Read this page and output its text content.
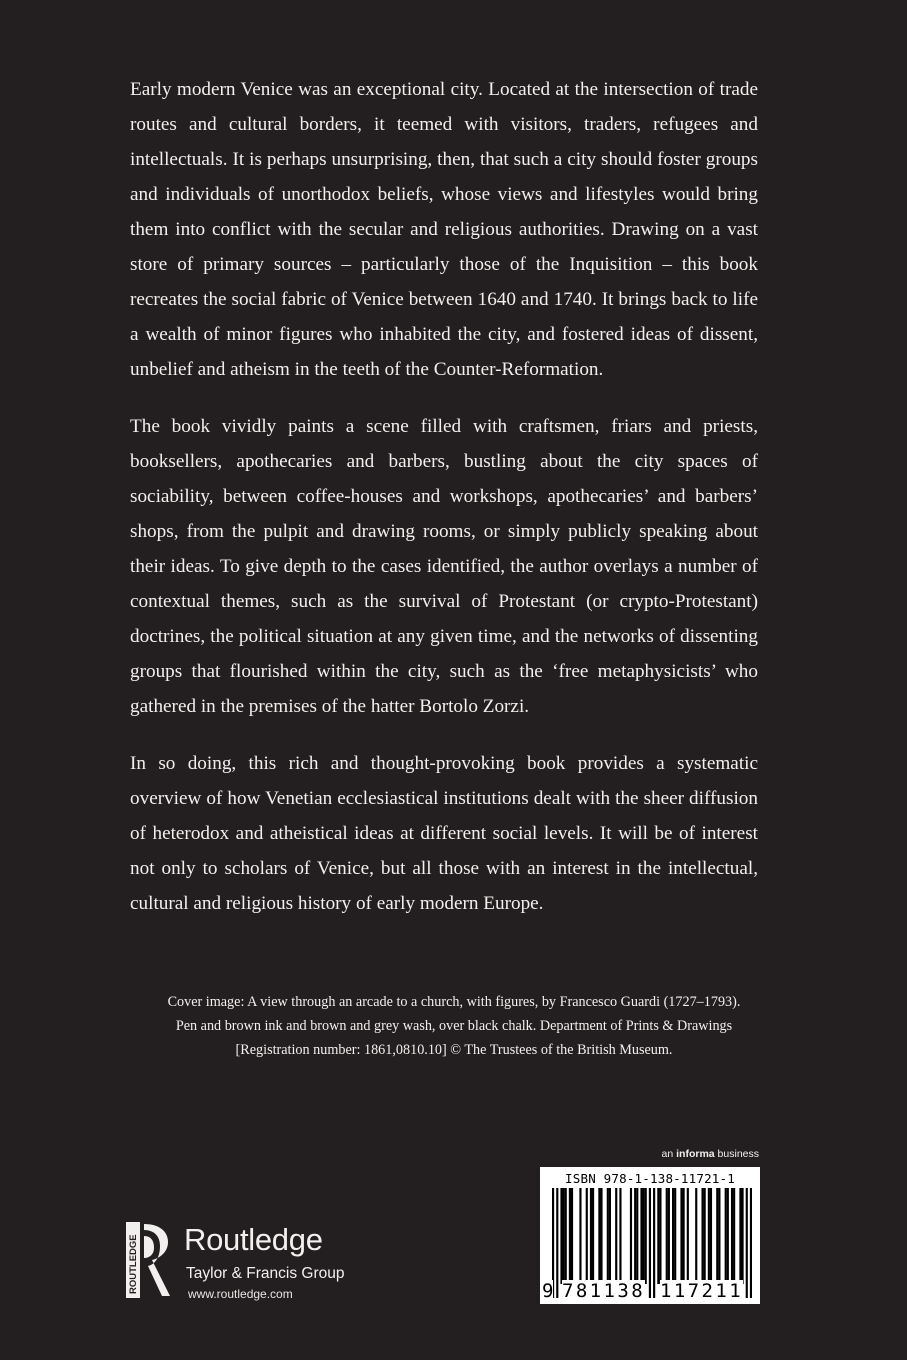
Early modern Venice was an exceptional city. Located at the intersection of trade routes and cultural borders, it teemed with visitors, traders, refugees and intellectuals. It is perhaps unsurprising, then, that such a city should foster groups and individuals of unorthodox beliefs, whose views and lifestyles would bring them into conflict with the secular and religious authorities. Drawing on a vast store of primary sources – particularly those of the Inquisition – this book recreates the social fabric of Venice between 1640 and 1740. It brings back to life a wealth of minor figures who inhabited the city, and fostered ideas of dissent, unbelief and atheism in the teeth of the Counter-Reformation.

The book vividly paints a scene filled with craftsmen, friars and priests, booksellers, apothecaries and barbers, bustling about the city spaces of sociability, between coffee-houses and workshops, apothecaries’ and barbers’ shops, from the pulpit and drawing rooms, or simply publicly speaking about their ideas. To give depth to the cases identified, the author overlays a number of contextual themes, such as the survival of Protestant (or crypto-Protestant) doctrines, the political situation at any given time, and the networks of dissenting groups that flourished within the city, such as the ‘free metaphysicists’ who gathered in the premises of the hatter Bortolo Zorzi.

In so doing, this rich and thought-provoking book provides a systematic overview of how Venetian ecclesiastical institutions dealt with the sheer diffusion of heterodox and atheistical ideas at different social levels. It will be of interest not only to scholars of Venice, but all those with an interest in the intellectual, cultural and religious history of early modern Europe.

Cover image: A view through an arcade to a church, with figures, by Francesco Guardi (1727–1793).
Pen and brown ink and brown and grey wash, over black chalk. Department of Prints & Drawings
[Registration number: 1861,0810.10] © The Trustees of the British Museum.
an informa business
ISBN 978-1-138-11721-1
9 781138 117211
ROUTLEDGE Routledge
Taylor & Francis Group
www.routledge.com
